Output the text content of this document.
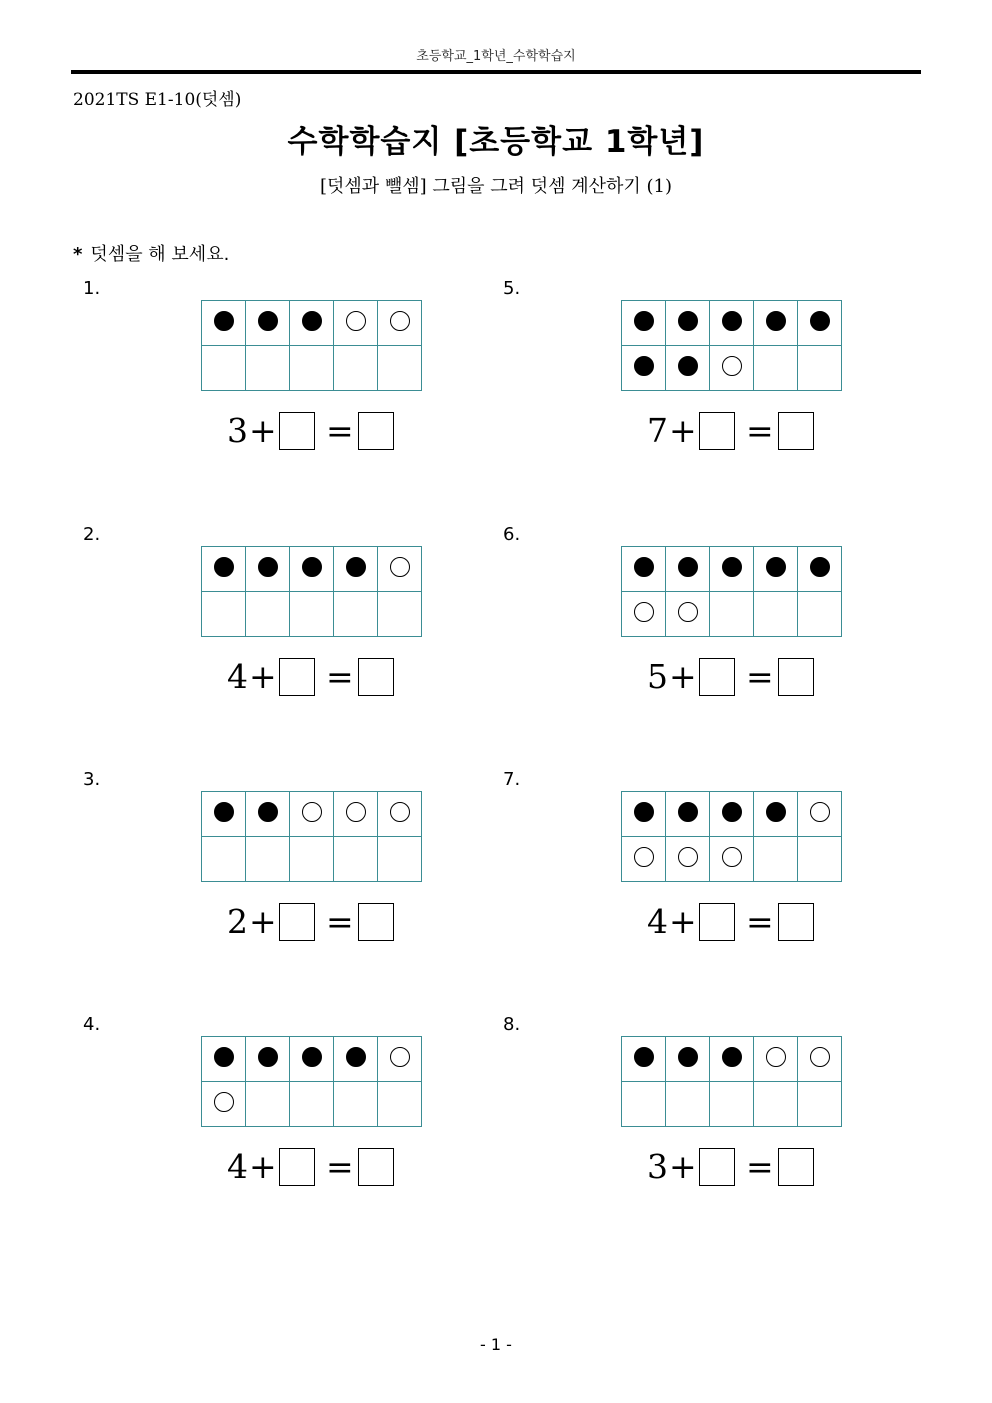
초등학교_1학년_수학학습지
2021TS E1-10(덧셈)
수학학습지 [초등학교 1학년]
[덧셈과 뺄셈] 그림을 그려 덧셈 계산하기 (1)
* 덧셈을 해 보세요.
1.

3 + =
2.

4 + =
3.

2 + =
4.

4 + =
5.

7 + =
6.

5 + =
7.

4 + =
8.

3 + =
- 1 -
